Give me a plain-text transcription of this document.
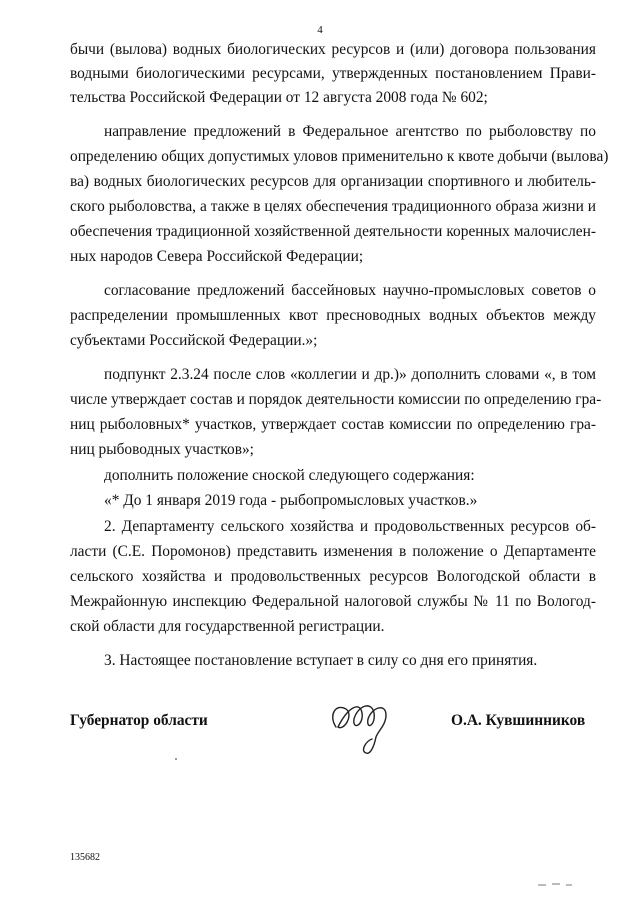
4
бычи (вылова) водных биологических ресурсов и (или) договора пользования
водными биологическими ресурсами, утвержденных постановлением Прави-
тельства Российской Федерации от 12 августа 2008 года № 602;
направление предложений в Федеральное агентство по рыболовству по
определению общих допустимых уловов применительно к квоте добычи (вылова)
ва) водных биологических ресурсов для организации спортивного и любитель-
ского рыболовства, а также в целях обеспечения традиционного образа жизни и
обеспечения традиционной хозяйственной деятельности коренных малочислен-
ных народов Севера Российской Федерации;
согласование предложений бассейновых научно-промысловых советов о
распределении промышленных квот пресноводных водных объектов между
субъектами Российской Федерации.»;
подпункт 2.3.24 после слов «коллегии и др.)» дополнить словами «, в том
числе утверждает состав и порядок деятельности комиссии по определению гра-
ниц рыболовных* участков, утверждает состав комиссии по определению гра-
ниц рыбоводных участков»;
дополнить положение сноской следующего содержания:
«* До 1 января 2019 года - рыбопромысловых участков.»
2. Департаменту сельского хозяйства и продовольственных ресурсов об-
ласти (С.Е. Поромонов) представить изменения в положение о Департаменте
сельского хозяйства и продовольственных ресурсов Вологодской области в
Межрайонную инспекцию Федеральной налоговой службы № 11 по Вологод-
ской области для государственной регистрации.
3. Настоящее постановление вступает в силу со дня его принятия.
Губернатор области	О.А. Кувшинников
135682
